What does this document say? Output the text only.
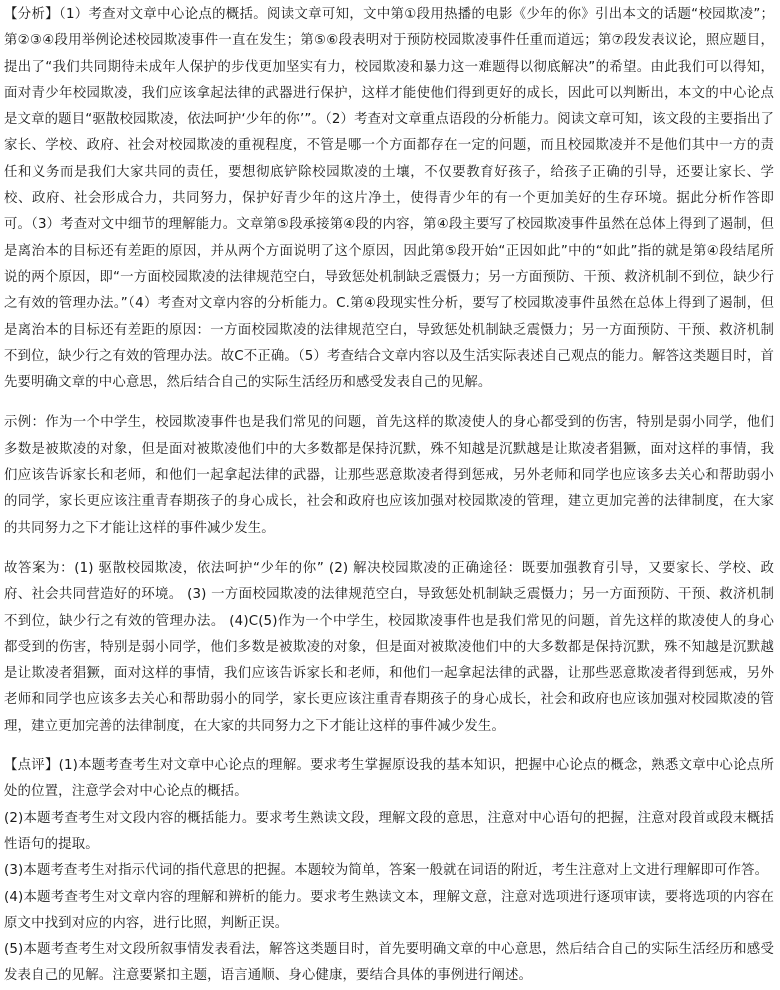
【分析】（1）考查对文章中心论点的概括。阅读文章可知，文中第①段用热播的电影《少年的你》引出本文的话题“校园欺凌”；第②③④段用举例论述校园欺凌事件一直在发生；第⑤⑥段表明对于预防校园欺凌事件任重而道远；第⑦段发表议论，照应题目，提出了“我们共同期待未成年人保护的步伐更加坚实有力，校园欺凌和暴力这一难题得以彻底解决”的希望。由此我们可以得知，面对青少年校园欺凌，我们应该拿起法律的武器进行保护，这样才能使他们得到更好的成长，因此可以判断出，本文的中心论点是文章的题目“驱散校园欺凌，依法呵护‘少年的你’”。（2）考查对文章重点语段的分析能力。阅读文章可知，该文段的主要指出了家长、学校、政府、社会对校园欺凌的重视程度，不管是哪一个方面都存在一定的问题，而且校园欺凌并不是他们其中一方的责任和义务而是我们大家共同的责任，要想彻底铲除校园欺凌的土壤，不仅要教育好孩子，给孩子正确的引导，还要让家长、学校、政府、社会形成合力，共同努力，保护好青少年的这片净土，使得青少年的有一个更加美好的生存环境。据此分析作答即可。（3）考查对文中细节的理解能力。文章第⑤段承接第④段的内容，第④段主要写了校园欺凌事件虽然在总体上得到了遏制，但是离治本的目标还有差距的原因，并从两个方面说明了这个原因，因此第⑤段开始“正因如此”中的“如此”指的就是第④段结尾所说的两个原因，即“一方面校园欺凌的法律规范空白，导致惩处机制缺乏震慑力；另一方面预防、干预、救济机制不到位，缺少行之有效的管理办法。”（4）考查对文章内容的分析能力。C.第④段现实性分析，要写了校园欺凌事件虽然在总体上得到了遏制，但是离治本的目标还有差距的原因：一方面校园欺凌的法律规范空白，导致惩处机制缺乏震慑力；另一方面预防、干预、救济机制不到位，缺少行之有效的管理办法。故C不正确。（5）考查结合文章内容以及生活实际表述自己观点的能力。解答这类题目时，首先要明确文章的中心意思，然后结合自己的实际生活经历和感受发表自己的见解。

示例：作为一个中学生，校园欺凌事件也是我们常见的问题，首先这样的欺凌使人的身心都受到的伤害，特别是弱小同学，他们多数是被欺凌的对象，但是面对被欺凌他们中的大多数都是保持沉默，殊不知越是沉默越是让欺凌者猖獗，面对这样的事情，我们应该告诉家长和老师，和他们一起拿起法律的武器，让那些恶意欺凌者得到惩戒，另外老师和同学也应该多去关心和帮助弱小的同学，家长更应该注重青春期孩子的身心成长，社会和政府也应该加强对校园欺凌的管理，建立更加完善的法律制度，在大家的共同努力之下才能让这样的事件减少发生。

故答案为：(1) 驱散校园欺凌，依法呵护“少年的你” (2) 解决校园欺凌的正确途径：既要加强教育引导，又要家长、学校、政府、社会共同营造好的环境。 (3) 一方面校园欺凌的法律规范空白，导致惩处机制缺乏震慑力；另一方面预防、干预、救济机制不到位，缺少行之有效的管理办法。 (4)C(5)作为一个中学生，校园欺凌事件也是我们常见的问题，首先这样的欺凌使人的身心都受到的伤害，特别是弱小同学，他们多数是被欺凌的对象，但是面对被欺凌他们中的大多数都是保持沉默，殊不知越是沉默越是让欺凌者猖獗，面对这样的事情，我们应该告诉家长和老师，和他们一起拿起法律的武器，让那些恶意欺凌者得到惩戒，另外老师和同学也应该多去关心和帮助弱小的同学，家长更应该注重青春期孩子的身心成长，社会和政府也应该加强对校园欺凌的管理，建立更加完善的法律制度，在大家的共同努力之下才能让这样的事件减少发生。

【点评】(1)本题考查考生对文章中心论点的理解。要求考生掌握原设我的基本知识，把握中心论点的概念，熟悉文章中心论点所处的位置，注意学会对中心论点的概括。

(2)本题考查考生对文段内容的概括能力。要求考生熟读文段，理解文段的意思，注意对中心语句的把握，注意对段首或段末概括性语句的提取。

(3)本题考查考生对指示代词的指代意思的把握。本题较为简单，答案一般就在词语的附近，考生注意对上文进行理解即可作答。

(4)本题考查考生对文章内容的理解和辨析的能力。要求考生熟读文本，理解文意，注意对选项进行逐项审读，要将选项的内容在原文中找到对应的内容，进行比照，判断正误。

(5)本题考查考生对文段所叙事情发表看法，解答这类题目时，首先要明确文章的中心意思，然后结合自己的实际生活经历和感受发表自己的见解。注意要紧扣主题，语言通顺、身心健康，要结合具体的事例进行阐述。
